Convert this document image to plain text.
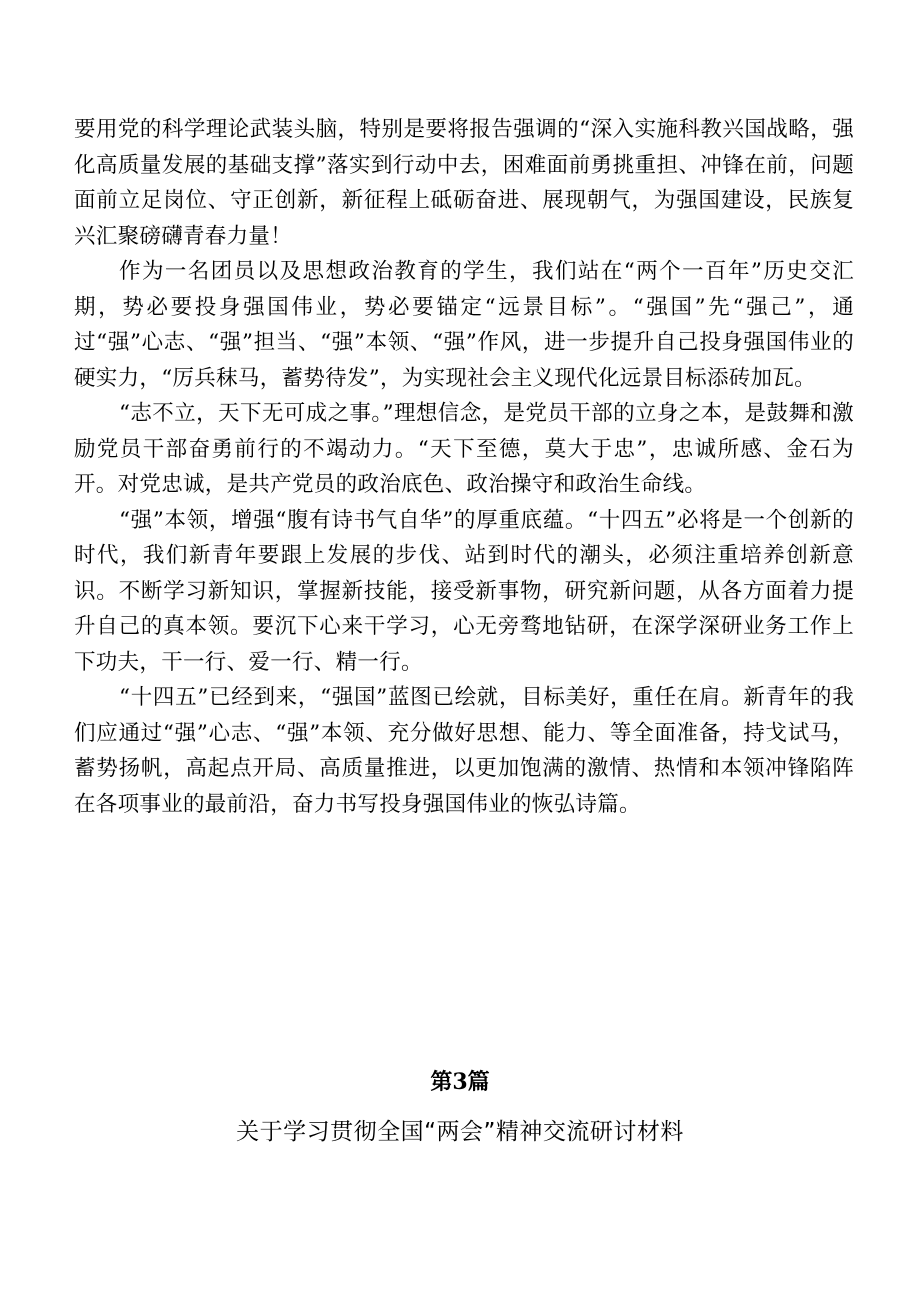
要用党的科学理论武装头脑，特别是要将报告强调的“深入实施科教兴国战略，强化高质量发展的基础支撑”落实到行动中去，困难面前勇挑重担、冲锋在前，问题面前立足岗位、守正创新，新征程上砥砺奋进、展现朝气，为强国建设，民族复兴汇聚磅礴青春力量！

作为一名团员以及思想政治教育的学生，我们站在“两个一百年”历史交汇期，势必要投身强国伟业，势必要锚定“远景目标”。“强国”先“强己”，通过“强”心志、“强”担当、“强”本领、“强”作风，进一步提升自己投身强国伟业的硬实力，“厉兵秣马，蓄势待发”，为实现社会主义现代化远景目标添砖加瓦。

“志不立，天下无可成之事。”理想信念，是党员干部的立身之本，是鼓舞和激励党员干部奋勇前行的不竭动力。“天下至德，莫大于忠”，忠诚所感、金石为开。对党忠诚，是共产党员的政治底色、政治操守和政治生命线。

“强”本领，增强“腹有诗书气自华”的厚重底蕴。“十四五”必将是一个创新的时代，我们新青年要跟上发展的步伐、站到时代的潮头，必须注重培养创新意识。不断学习新知识，掌握新技能，接受新事物，研究新问题，从各方面着力提升自己的真本领。要沉下心来干学习，心无旁骛地钻研，在深学深研业务工作上下功夫，干一行、爱一行、精一行。

“十四五”已经到来，“强国”蓝图已绘就，目标美好，重任在肩。新青年的我们应通过“强”心志、“强”本领、充分做好思想、能力、等全面准备，持戈试马，蓄势扬帆，高起点开局、高质量推进，以更加饱满的激情、热情和本领冲锋陷阵在各项事业的最前沿，奋力书写投身强国伟业的恢弘诗篇。

第3篇
关于学习贯彻全国“两会”精神交流研讨材料
